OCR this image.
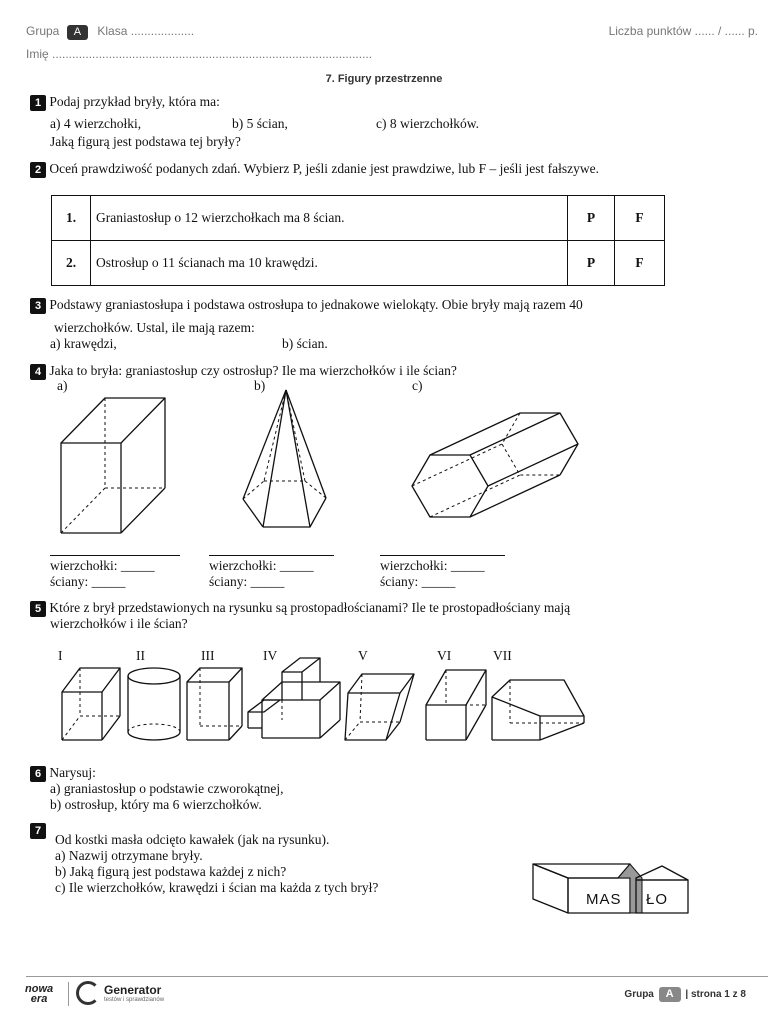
Grupa A Klasa ...................	Liczba punktów ...... / ...... p.
Imię ................................................................................................
7. Figury przestrzenne
1 Podaj przykład bryły, która ma:
a) 4 wierzchołki,	b) 5 ścian,	c) 8 wierzchołków.
Jaką figurą jest podstawa tej bryły?
2 Oceń prawdziwość podanych zdań. Wybierz P, jeśli zdanie jest prawdziwe, lub F – jeśli jest fałszywe.
1.	Graniastosłup o 12 wierzchołkach ma 8 ścian.	P	F
2.	Ostrosłup o 11 ścianach ma 10 krawędzi.	P	F
3 Podstawy graniastosłupa i podstawa ostrosłupa to jednakowe wielokąty. Obie bryły mają razem 40
wierzchołków. Ustal, ile mają razem:
a) krawędzi,	b) ścian.
4 Jaka to bryła: graniastosłup czy ostrosłup? Ile ma wierzchołków i ile ścian?
a)	b)	c)
wierzchołki: _____
ściany: _____
wierzchołki: _____
ściany: _____
wierzchołki: _____
ściany: _____
5 Które z brył przedstawionych na rysunku są prostopadłościanami? Ile te prostopadłościany mają
wierzchołków i ile ścian?
I	II	III	IV	V	VI	VII
6 Narysuj:
a) graniastosłup o podstawie czworokątnej,
b) ostrosłup, który ma 6 wierzchołków.
7
Od kostki masła odcięto kawałek (jak na rysunku).
a) Nazwij otrzymane bryły.
b) Jaką figurą jest podstawa każdej z nich?
c) Ile wierzchołków, krawędzi i ścian ma każda z tych brył?
MAS ŁO
nowa
era
Generator
testów i sprawdzianów	Grupa A | strona 1 z 8
